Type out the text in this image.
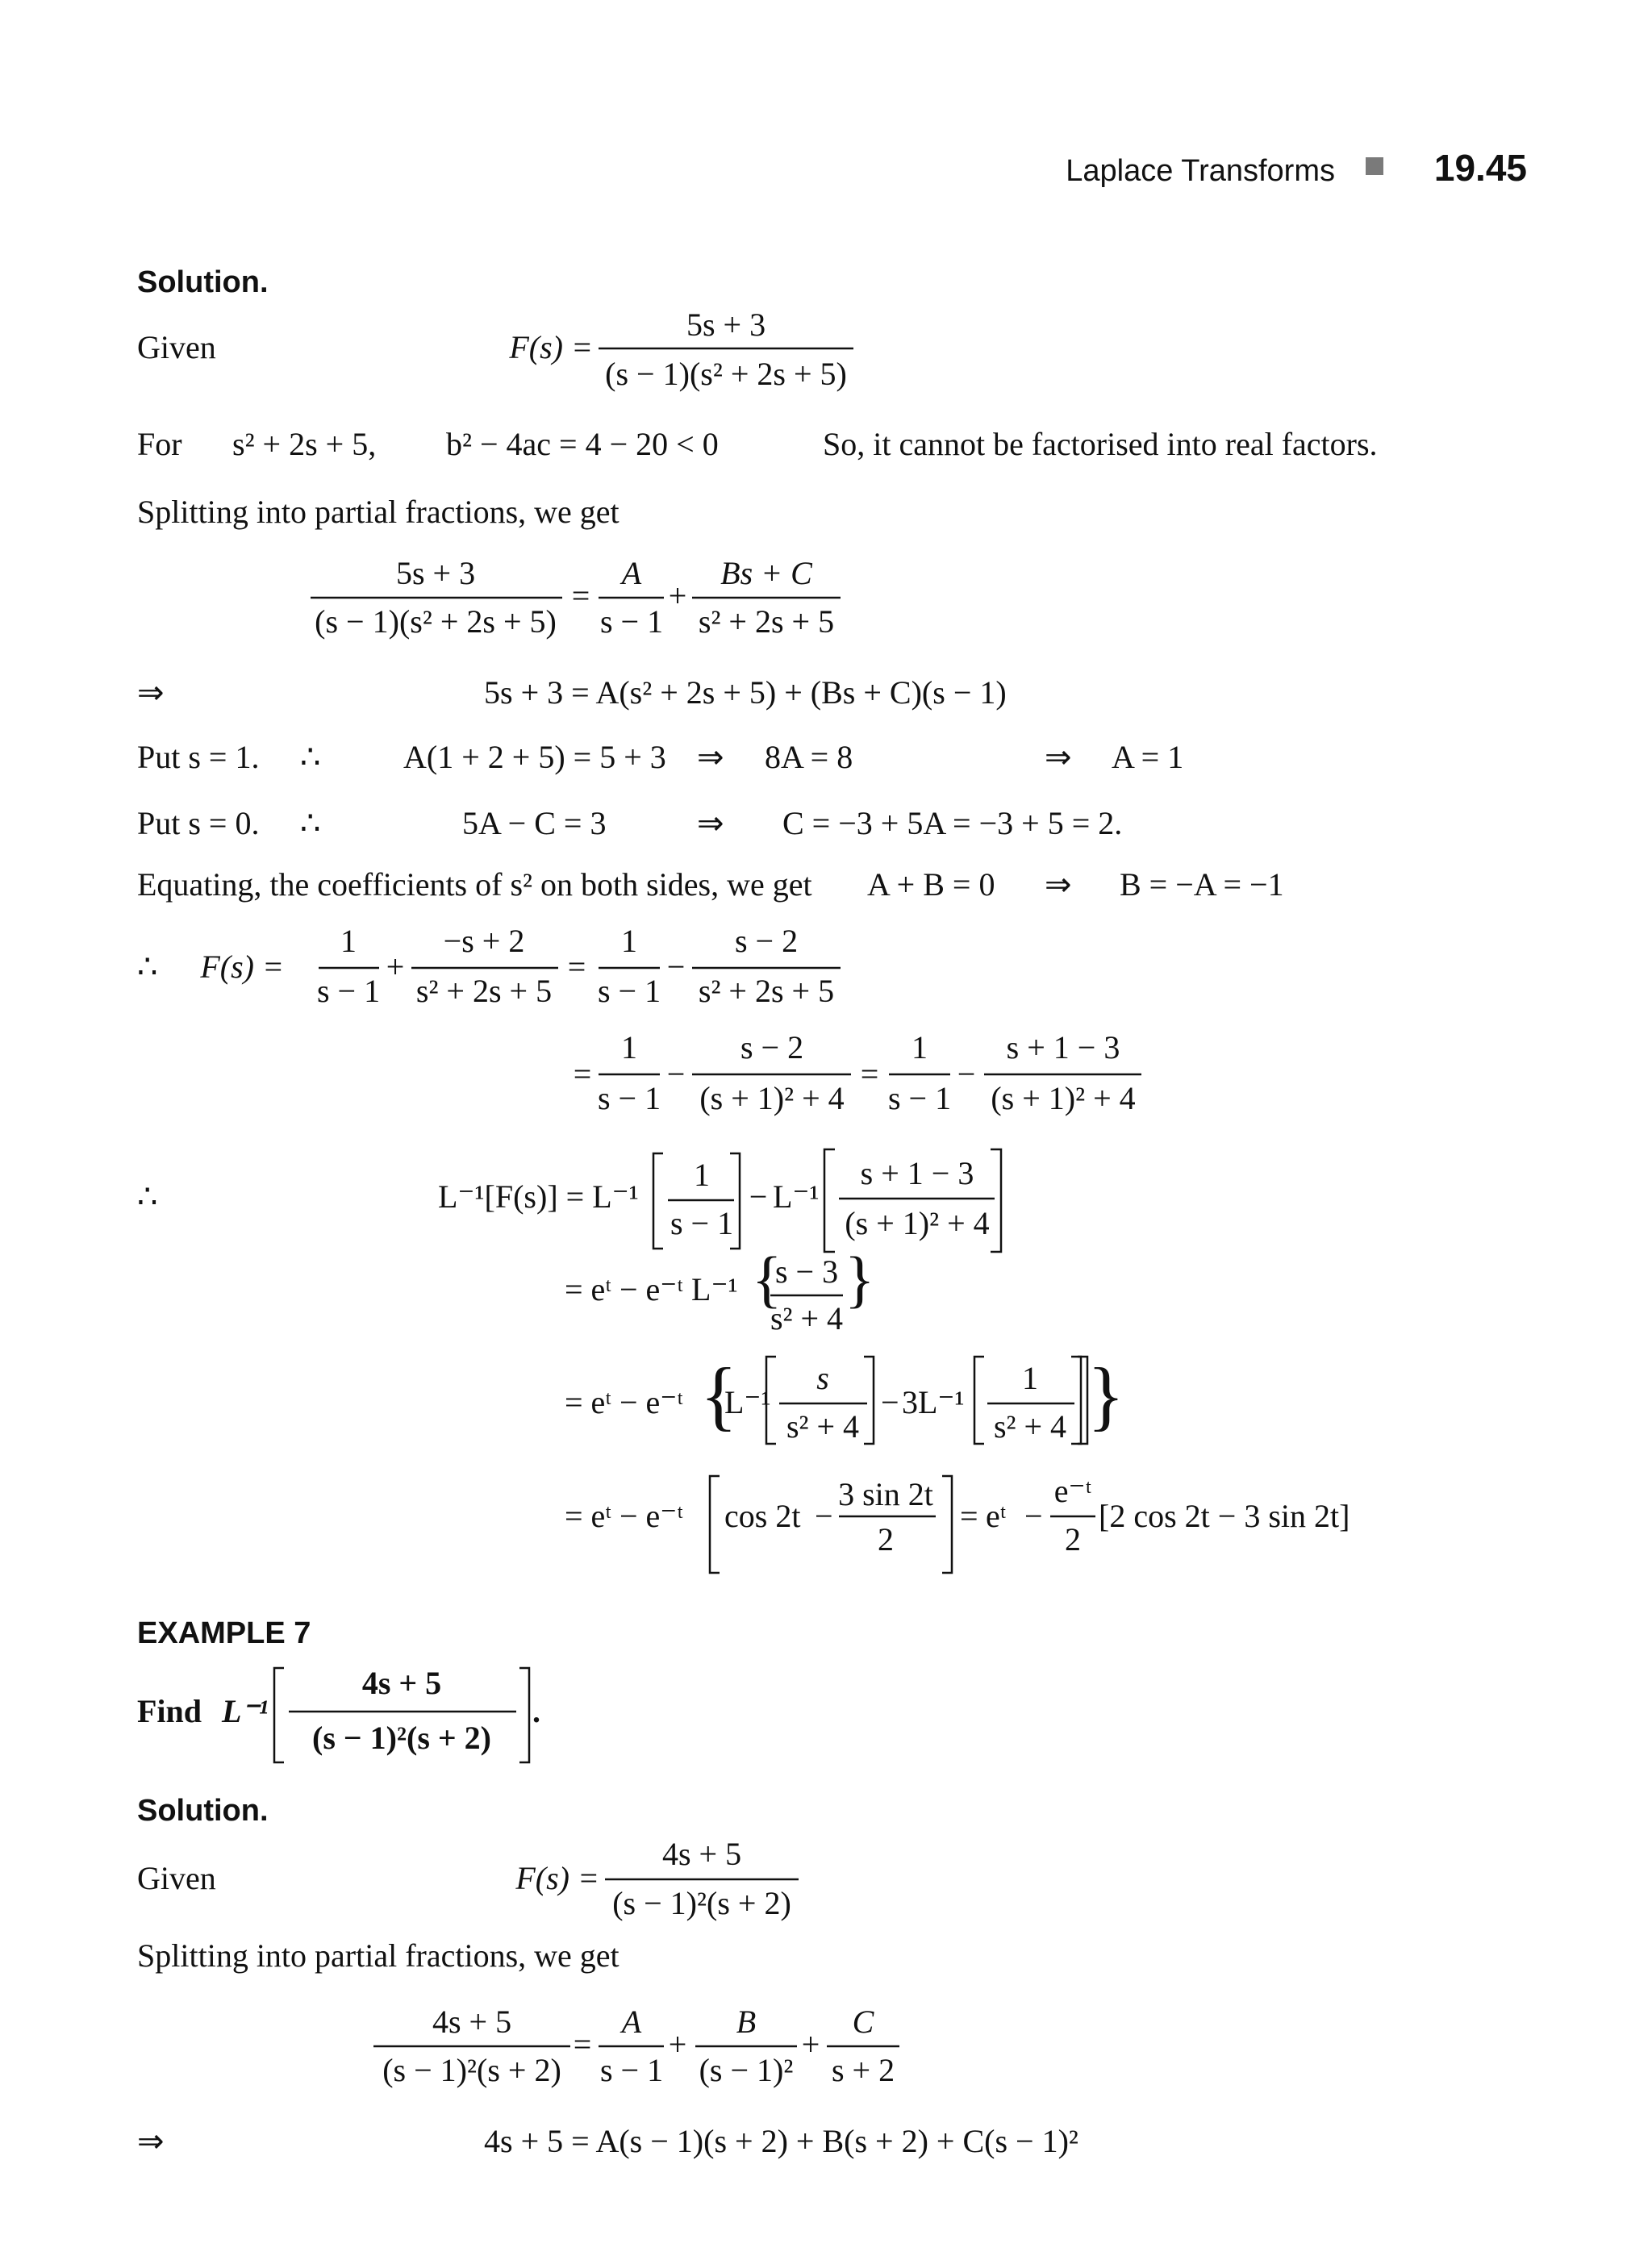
Laplace Transforms	19.45
Solution.
Given	F(s) =
5s + 3
(s − 1)(s² + 2s + 5)
For s² + 2s + 5, b² − 4ac = 4 − 20 < 0	So, it cannot be factorised into real factors.
Splitting into partial fractions, we get
5s + 3
(s − 1)(s² + 2s + 5)
=
A
s − 1
+
Bs + C
s² + 2s + 5
⇒	5s + 3 = A(s² + 2s + 5) + (Bs + C)(s − 1)
Put s = 1. ∴	A(1 + 2 + 5) = 5 + 3 ⇒ 8A = 8	⇒ A = 1
Put s = 0. ∴	5A − C = 3	⇒ C = −3 + 5A = −3 + 5 = 2.
Equating, the coefficients of s² on both sides, we get A + B = 0 ⇒ B = −A = −1
∴ F(s) =
1
s − 1
+
−s + 2
s² + 2s + 5
=
1
s − 1
−
s − 2
s² + 2s + 5
=
1
s − 1
−
s − 2
(s + 1)² + 4
=
1
s − 1
−
s + 1 − 3
(s + 1)² + 4
∴	L⁻¹[F(s)] = L⁻¹
1
s − 1
− L⁻¹
s + 1 − 3
(s + 1)² + 4
= eᵗ − e⁻ᵗ L⁻¹ {
s − 3
s² + 4
}
= eᵗ − e⁻ᵗ {
L⁻¹
s
s² + 4
− 3L⁻¹
1
s² + 4 }
= eᵗ − e⁻ᵗ cos 2t −
3 sin 2t
2
= eᵗ −
e⁻ᵗ
2
[2 cos 2t − 3 sin 2t]
EXAMPLE 7
Find L⁻¹
4s + 5
(s − 1)²(s + 2)
.
Solution.
Given	F(s) =
4s + 5
(s − 1)²(s + 2)
Splitting into partial fractions, we get
4s + 5
(s − 1)²(s + 2)
=
A
s − 1
+
B
(s − 1)²
+
C
s + 2
⇒	4s + 5 = A(s − 1)(s + 2) + B(s + 2) + C(s − 1)²
